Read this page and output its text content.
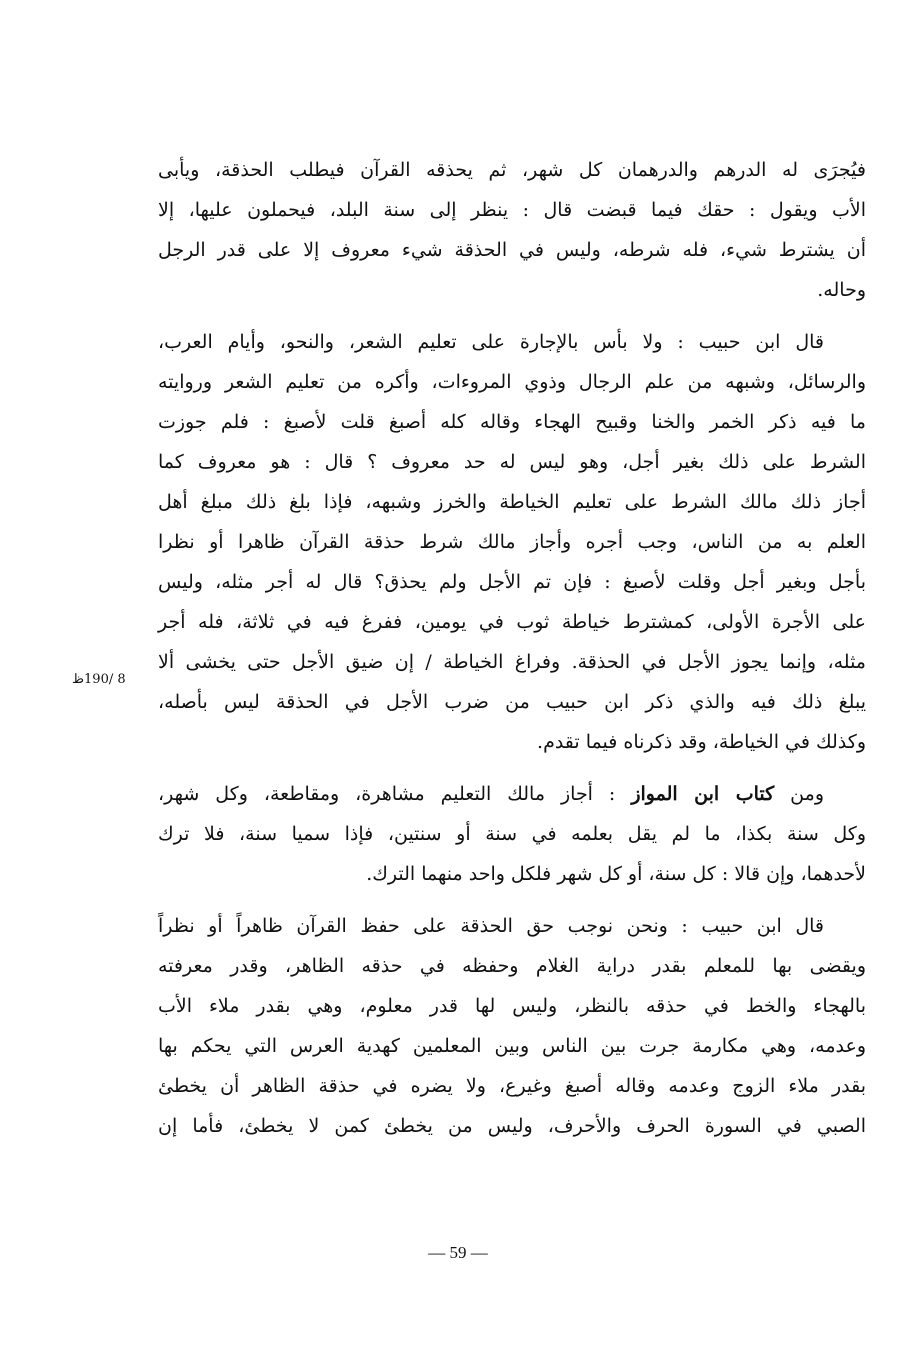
فيُجرَى له الدرهم والدرهمان كل شهر، ثم يحذقه القرآن فيطلب الحذقة، ويأبى
الأب ويقول : حقك فيما قبضت قال : ينظر إلى سنة البلد، فيحملون عليها، إلا
أن يشترط شيء، فله شرطه، وليس في الحذقة شيء معروف إلا على قدر الرجل
وحاله.

قال ابن حبيب : ولا بأس بالإجارة على تعليم الشعر، والنحو، وأيام العرب،
والرسائل، وشبهه من علم الرجال وذوي المروءات، وأكره من تعليم الشعر وروايته
ما فيه ذكر الخمر والخنا وقبيح الهجاء وقاله كله أصبغ قلت لأصبغ : فلم جوزت
الشرط على ذلك بغير أجل، وهو ليس له حد معروف ؟ قال : هو معروف كما
أجاز ذلك مالك الشرط على تعليم الخياطة والخرز وشبهه، فإذا بلغ ذلك مبلغ أهل
العلم به من الناس، وجب أجره وأجاز مالك شرط حذقة القرآن ظاهرا أو نظرا
بأجل وبغير أجل وقلت لأصبغ : فإن تم الأجل ولم يحذق؟ قال له أجر مثله، وليس
على الأجرة الأولى، كمشترط خياطة ثوب في يومين، ففرغ فيه في ثلاثة، فله أجر
مثله، وإنما يجوز الأجل في الحذقة. وفراغ الخياطة / إن ضيق الأجل حتى يخشى ألا
يبلغ ذلك فيه والذي ذكر ابن حبيب من ضرب الأجل في الحذقة ليس بأصله،
وكذلك في الخياطة، وقد ذكرناه فيما تقدم.

ومن كتاب ابن المواز : أجاز مالك التعليم مشاهرة، ومقاطعة، وكل شهر،
وكل سنة بكذا، ما لم يقل بعلمه في سنة أو سنتين، فإذا سميا سنة، فلا ترك
لأحدهما، وإن قالا : كل سنة، أو كل شهر فلكل واحد منهما الترك.

قال ابن حبيب : ونحن نوجب حق الحذقة على حفظ القرآن ظاهراً أو نظراً
ويقضى بها للمعلم بقدر دراية الغلام وحفظه في حذقه الظاهر، وقدر معرفته
بالهجاء والخط في حذقه بالنظر، وليس لها قدر معلوم، وهي بقدر ملاء الأب
وعدمه، وهي مكارمة جرت بين الناس وبين المعلمين كهدية العرس التي يحكم بها
بقدر ملاء الزوج وعدمه وقاله أصبغ وغيرع، ولا يضره في حذقة الظاهر أن يخطئ
الصبي في السورة الحرف والأحرف، وليس من يخطئ كمن لا يخطئ، فأما إن

8 /190ظ
— 59 —
